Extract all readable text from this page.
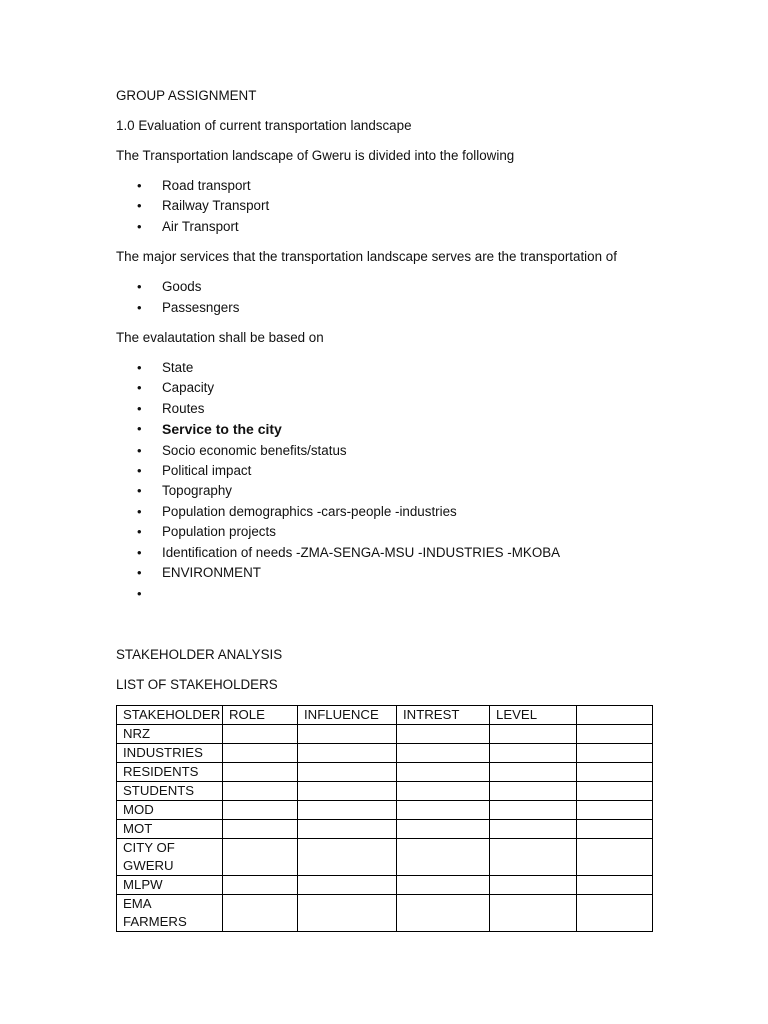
GROUP ASSIGNMENT

1.0 Evaluation of current transportation landscape

The Transportation landscape of Gweru is divided into the following

• Road transport
• Railway Transport
• Air Transport

The major services that the transportation landscape serves are the transportation of

• Goods
• Passesngers

The evalautation shall be based on

• State
• Capacity
• Routes
• Service to the city
• Socio economic benefits/status
• Political impact
• Topography
• Population demographics -cars-people -industries
• Population projects
• Identification of needs -ZMA-SENGA-MSU -INDUSTRIES -MKOBA
• ENVIRONMENT
•

STAKEHOLDER ANALYSIS

LIST OF STAKEHOLDERS

STAKEHOLDER	ROLE	INFLUENCE	INTREST	LEVEL	
NRZ					
INDUSTRIES					
RESIDENTS					
STUDENTS					
MOD					
MOT					
CITY OF GWERU					
MLPW					
EMA FARMERS					
